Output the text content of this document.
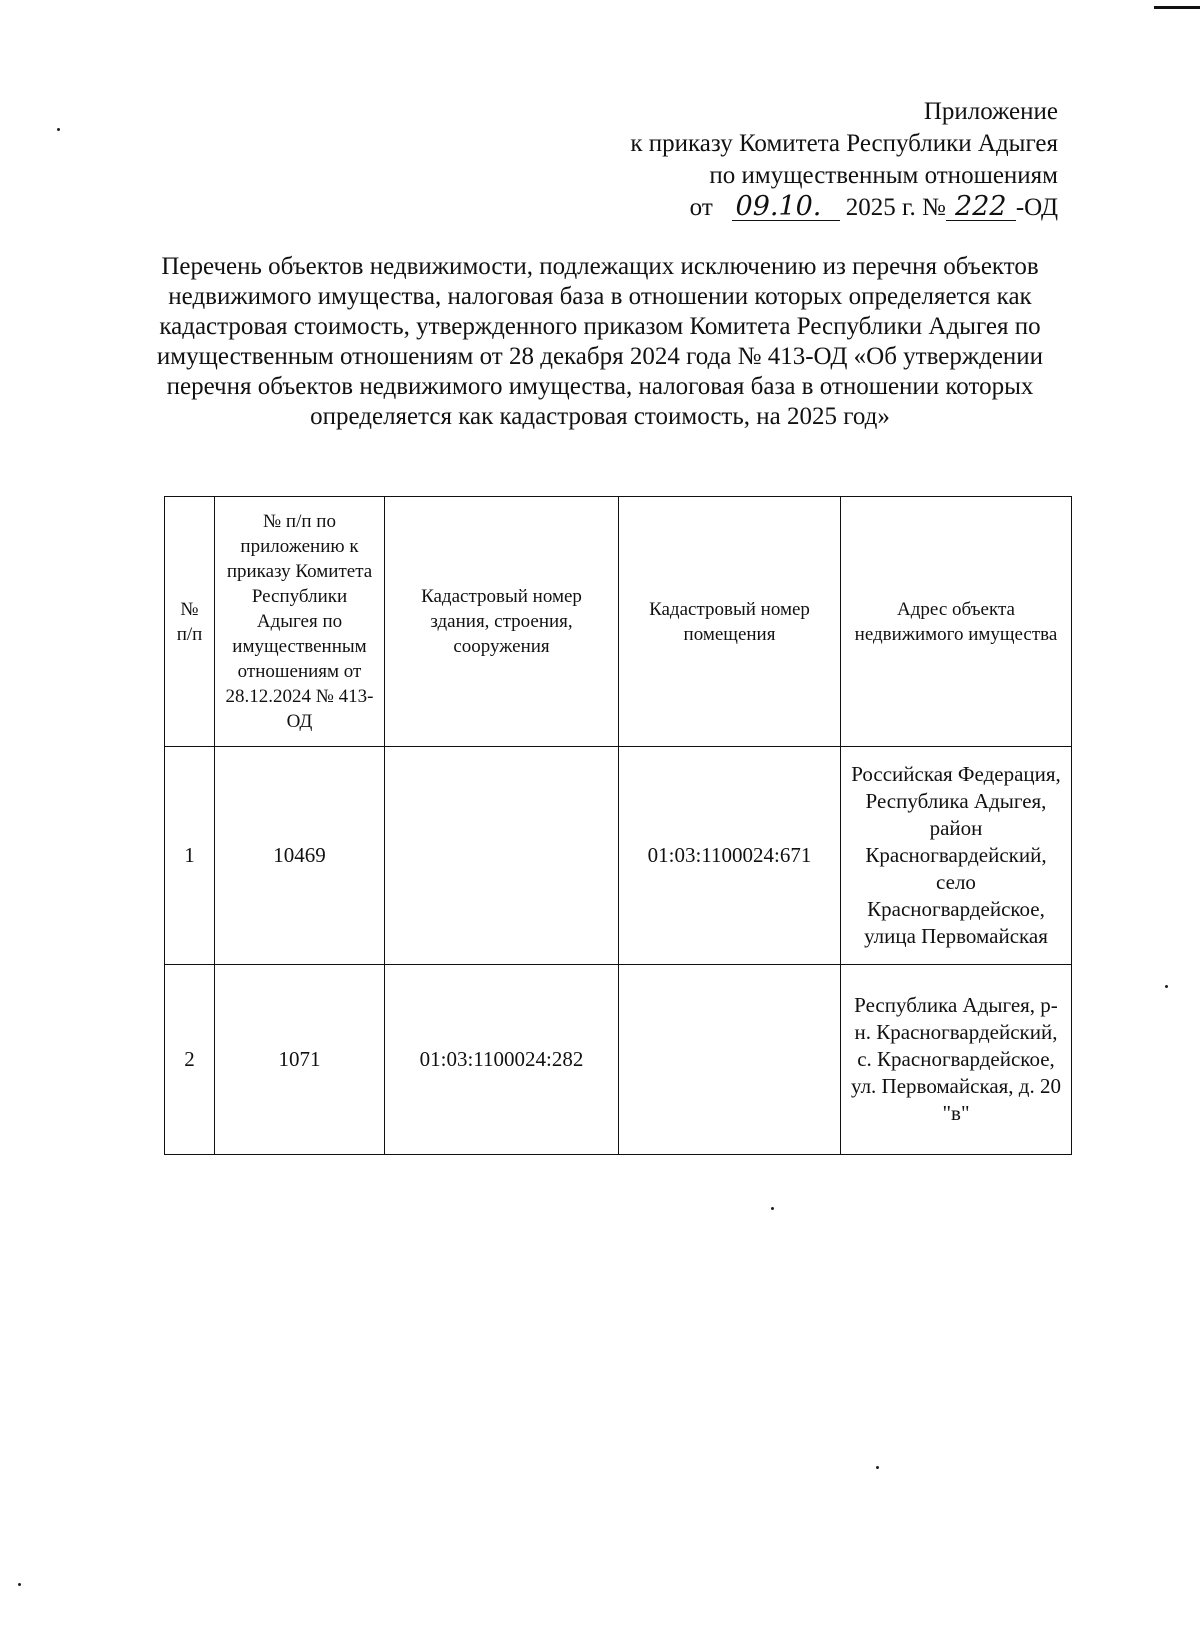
Приложение
к приказу Комитета Республики Адыгея
по имущественным отношениям
от 09.10. 2025 г. № 222 -ОД
Перечень объектов недвижимости, подлежащих исключению из перечня объектов недвижимого имущества, налоговая база в отношении которых определяется как кадастровая стоимость, утвержденного приказом Комитета Республики Адыгея по имущественным отношениям от 28 декабря 2024 года № 413-ОД «Об утверждении перечня объектов недвижимого имущества, налоговая база в отношении которых определяется как кадастровая стоимость, на 2025 год»
№ п/п	№ п/п по приложению к приказу Комитета Республики Адыгея по имущественным отношениям от 28.12.2024 № 413-ОД	Кадастровый номер здания, строения, сооружения	Кадастровый номер помещения	Адрес объекта недвижимого имущества
1	10469		01:03:1100024:671	Российская Федерация, Республика Адыгея, район Красногвардейский, село Красногвардейское, улица Первомайская
2	1071	01:03:1100024:282		Республика Адыгея, р-н. Красногвардейский, с. Красногвардейское, ул. Первомайская, д. 20 "в"
